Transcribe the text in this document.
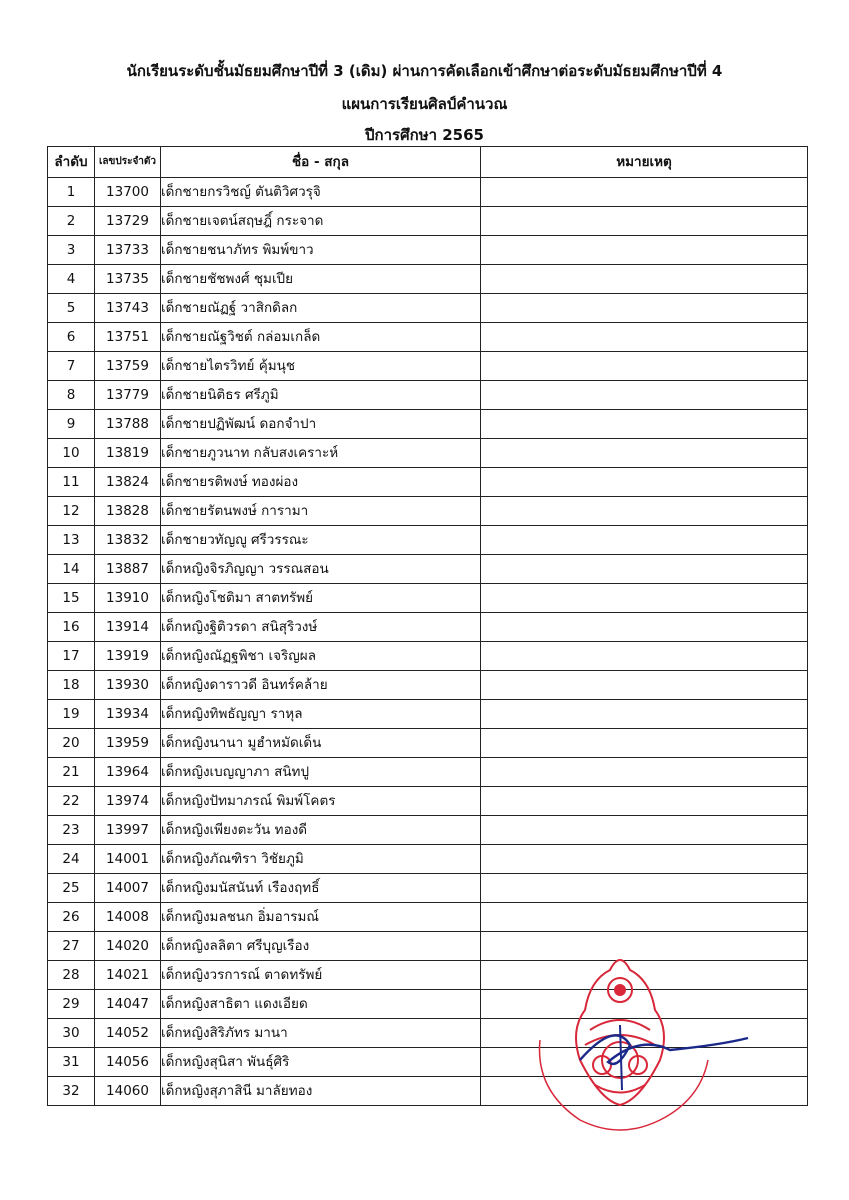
นักเรียนระดับชั้นมัธยมศึกษาปีที่ 3 (เดิม) ผ่านการคัดเลือกเข้าศึกษาต่อระดับมัธยมศึกษาปีที่ 4
แผนการเรียนศิลป์คำนวณ
ปีการศึกษา 2565
ลำดับ	เลขประจำตัว	ชื่อ - สกุล	หมายเหตุ
1	13700	เด็กชายกรวิชญ์ ตันติวิศวรุจิ	
2	13729	เด็กชายเจตน์สฤษฎิ์ กระจาด	
3	13733	เด็กชายชนาภัทร พิมพ์ขาว	
4	13735	เด็กชายชัชพงศ์ ชุมเปีย	
5	13743	เด็กชายณัฏฐ์ วาสิกดิลก	
6	13751	เด็กชายณัฐวิชต์ กล่อมเกล็ด	
7	13759	เด็กชายไตรวิทย์ คุ้มนุช	
8	13779	เด็กชายนิติธร ศรีภูมิ	
9	13788	เด็กชายปฏิพัฒน์ ดอกจำปา	
10	13819	เด็กชายภูวนาท กลับสงเคราะห์	
11	13824	เด็กชายรติพงษ์ ทองผ่อง	
12	13828	เด็กชายรัตนพงษ์ การามา	
13	13832	เด็กชายวทัญญู ศรีวรรณะ	
14	13887	เด็กหญิงจิรภิญญา วรรณสอน	
15	13910	เด็กหญิงโชติมา สาตทรัพย์	
16	13914	เด็กหญิงฐิติวรดา สนิสุริวงษ์	
17	13919	เด็กหญิงณัฏฐพิชา เจริญผล	
18	13930	เด็กหญิงดาราวดี อินทร์คล้าย	
19	13934	เด็กหญิงทิพธัญญา ราหุล	
20	13959	เด็กหญิงนานา มูฮำหมัดเด็น	
21	13964	เด็กหญิงเบญญาภา สนิทปู	
22	13974	เด็กหญิงปัทมาภรณ์ พิมพ์โคตร	
23	13997	เด็กหญิงเพียงตะวัน ทองดี	
24	14001	เด็กหญิงภัณฑิรา วิชัยภูมิ	
25	14007	เด็กหญิงมนัสนันท์ เรืองฤทธิ์	
26	14008	เด็กหญิงมลชนก อิ่มอารมณ์	
27	14020	เด็กหญิงลลิตา ศรีบุญเรือง	
28	14021	เด็กหญิงวรการณ์ ตาดทรัพย์	
29	14047	เด็กหญิงสาธิตา แดงเอียด	
30	14052	เด็กหญิงสิริภัทร มานา	
31	14056	เด็กหญิงสุนิสา พันธุ์ศิริ	
32	14060	เด็กหญิงสุภาสินี มาลัยทอง	
